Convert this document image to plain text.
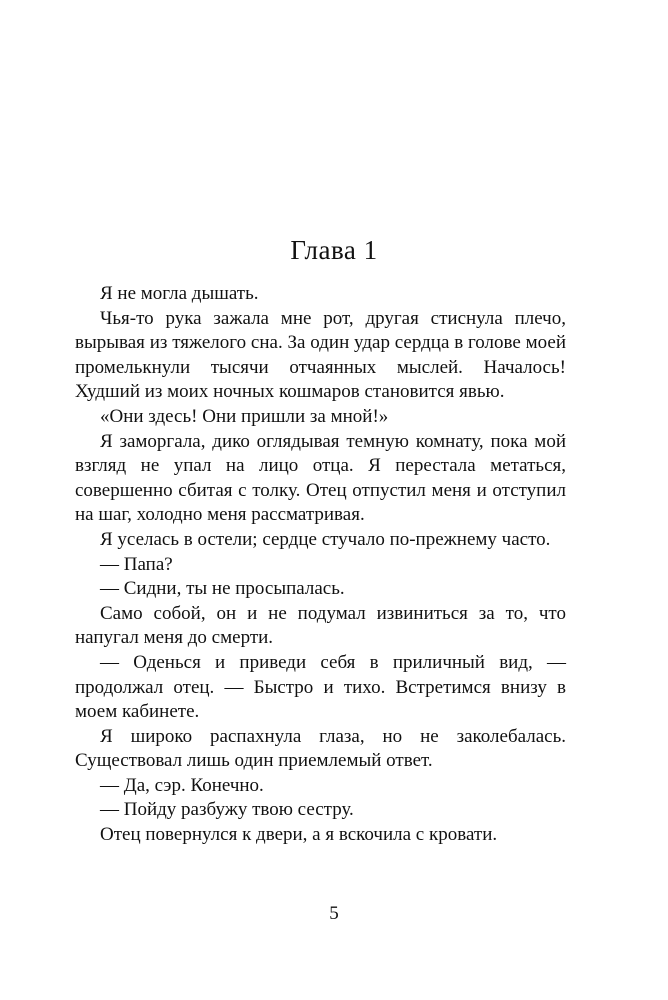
Глава 1

Я не могла дышать.

Чья-то рука зажала мне рот, другая стиснула плечо, вырывая из тяжелого сна. За один удар сердца в голове моей промелькнули тысячи отчаянных мыслей. Началось! Худший из моих ночных кошмаров становится явью.

«Они здесь! Они пришли за мной!»

Я заморгала, дико оглядывая темную комнату, пока мой взгляд не упал на лицо отца. Я перестала метаться, совершенно сбитая с толку. Отец отпустил меня и отступил на шаг, холодно меня рассматривая.

Я уселась в остели; сердце стучало по-прежнему часто.

— Папа?

— Сидни, ты не просыпалась.

Само собой, он и не подумал извиниться за то, что напугал меня до смерти.

— Оденься и приведи себя в приличный вид, — продолжал отец. — Быстро и тихо. Встретимся внизу в моем кабинете.

Я широко распахнула глаза, но не заколебалась. Существовал лишь один приемлемый ответ.

— Да, сэр. Конечно.

— Пойду разбужу твою сестру.

Отец повернулся к двери, а я вскочила с кровати.

5
